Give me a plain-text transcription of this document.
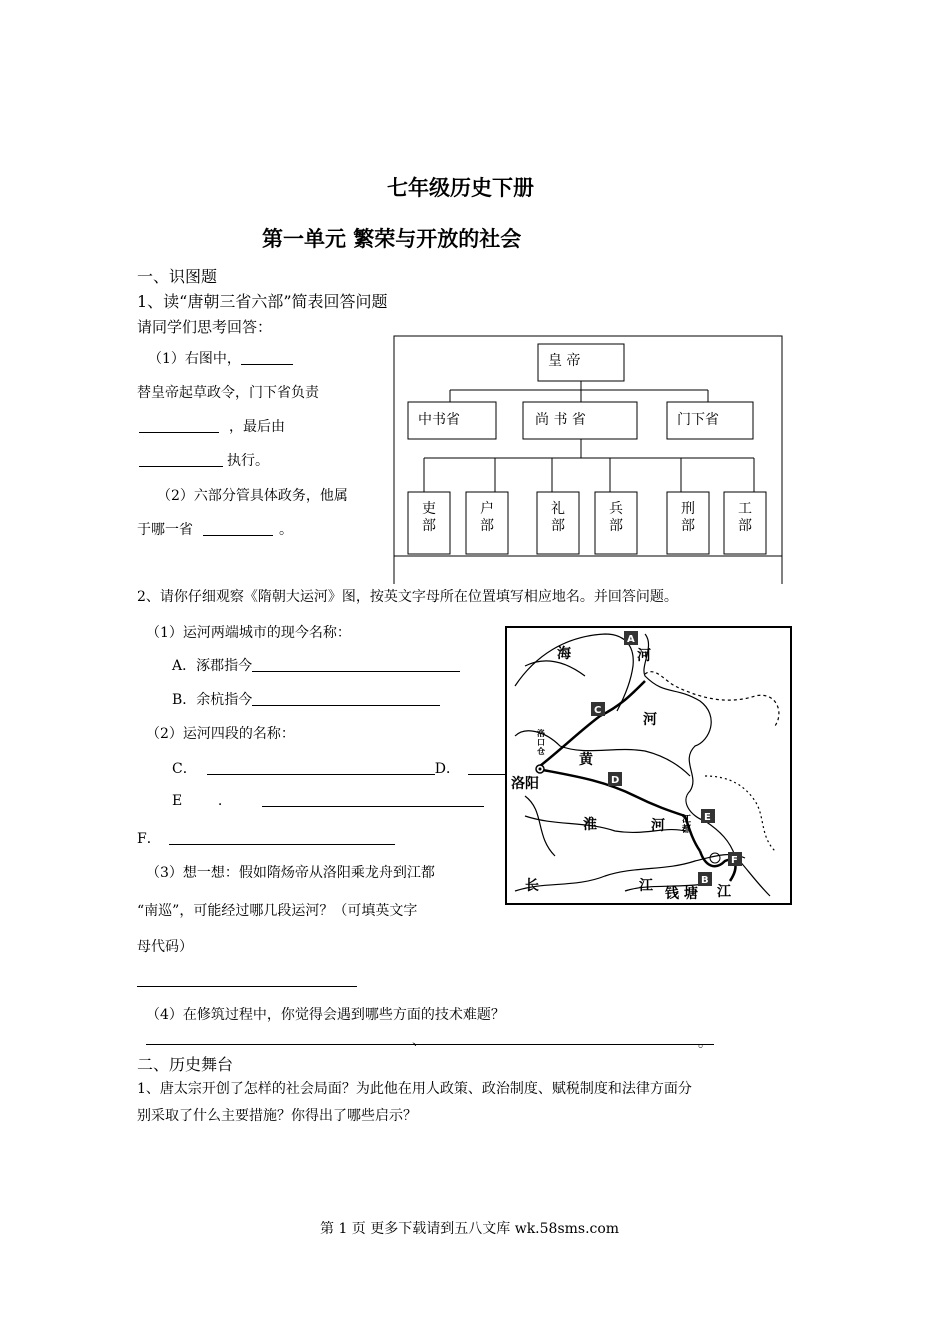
七年级历史下册
第一单元 繁荣与开放的社会
一、识图题
1、读“唐朝三省六部”简表回答问题
请同学们思考回答：
（1）右图中，
替皇帝起草政令，门下省负责
，最后由
执行。
（2）六部分管具体政务，他属
于哪一省	。
皇 帝
中书省	尚 书 省	门下省
吏
部
户
部
礼
部
兵
部
刑
部
工
部
2、请你仔细观察《隋朝大运河》图，按英文字母所在位置填写相应地名。并回答问题。
（1）运河两端城市的现今名称：
A．涿郡指今
B．余杭指今
（2）运河四段的名称：
C．	D．
E        .
F．
（3）想一想：假如隋炀帝从洛阳乘龙舟到江都
“南巡”，可能经过哪几段运河？（可填英文字
母代码）
（4）在修筑过程中，你觉得会遇到哪些方面的技术难题？
、	。
A
C
D
E
F
B
海	河
河
黄
洛
口
仓
洛阳
淮	河 江
都
长	江 钱 塘 江
二、历史舞台
1、唐太宗开创了怎样的社会局面？为此他在用人政策、政治制度、赋税制度和法律方面分
别采取了什么主要措施？你得出了哪些启示？
第 1 页 更多下载请到五八文库 wk.58sms.com
